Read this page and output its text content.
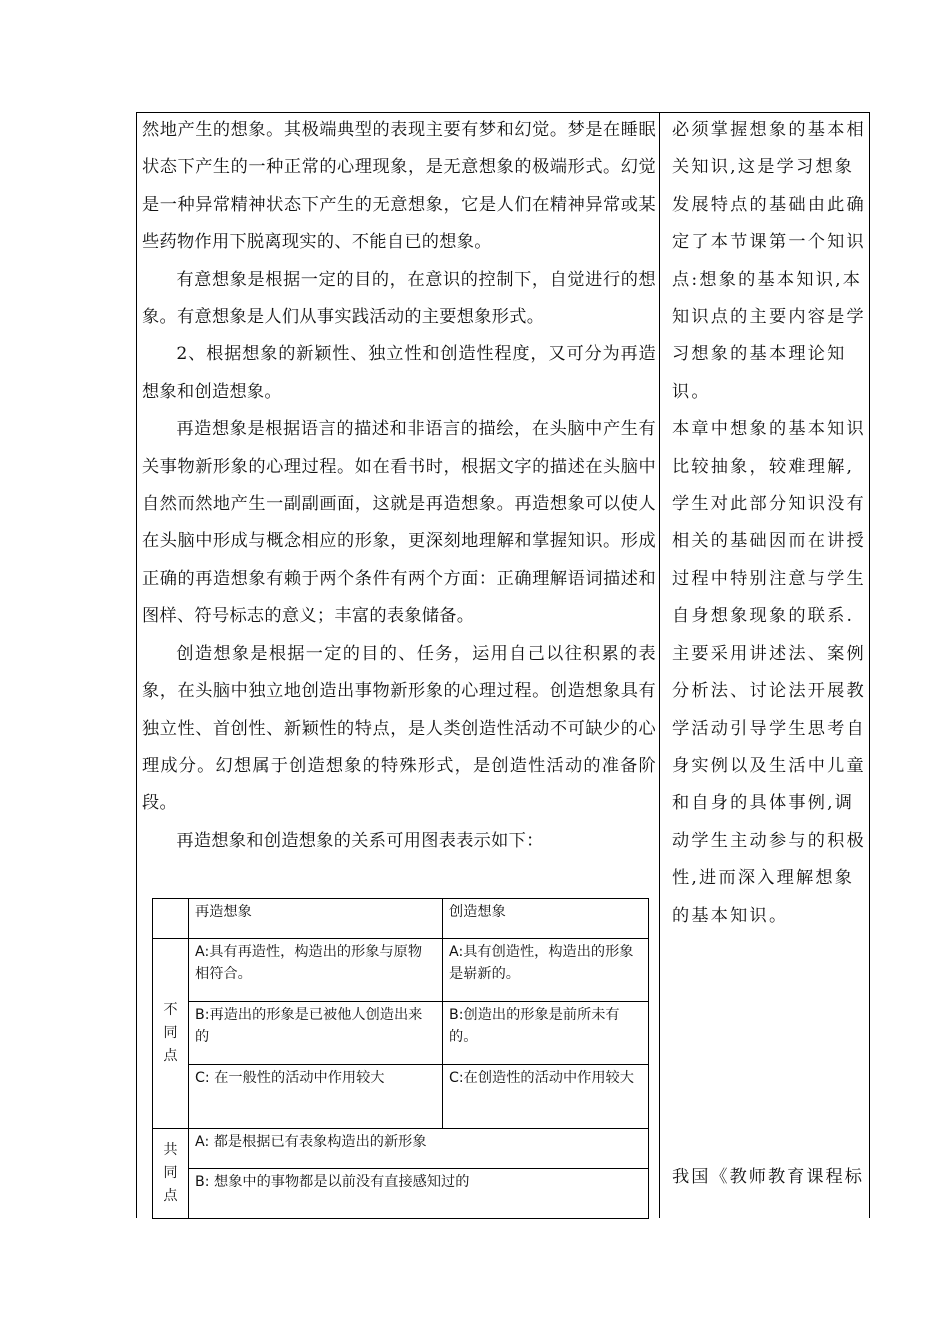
然地产生的想象。其极端典型的表现主要有梦和幻觉。梦是在睡眠状态下产生的一种正常的心理现象，是无意想象的极端形式。幻觉是一种异常精神状态下产生的无意想象，它是人们在精神异常或某些药物作用下脱离现实的、不能自已的想象。

有意想象是根据一定的目的，在意识的控制下，自觉进行的想象。有意想象是人们从事实践活动的主要想象形式。

2、根据想象的新颖性、独立性和创造性程度，又可分为再造想象和创造想象。

再造想象是根据语言的描述和非语言的描绘，在头脑中产生有关事物新形象的心理过程。如在看书时，根据文字的描述在头脑中自然而然地产生一副副画面，这就是再造想象。再造想象可以使人在头脑中形成与概念相应的形象，更深刻地理解和掌握知识。形成正确的再造想象有赖于两个条件有两个方面：正确理解语词描述和图样、符号标志的意义；丰富的表象储备。

创造想象是根据一定的目的、任务，运用自己以往积累的表象，在头脑中独立地创造出事物新形象的心理过程。创造想象具有独立性、首创性、新颖性的特点，是人类创造性活动不可缺少的心理成分。幻想属于创造想象的特殊形式，是创造性活动的准备阶段。

再造想象和创造想象的关系可用图表表示如下：

	再造想象	创造想象

不
同
点	A:具有再造性，构造出的形象与原物相符合。	A:具有创造性，构造出的形象是崭新的。
	B:再造出的形象是已被他人创造出来的	B:创造出的形象是前所未有的。
	C: 在一般性的活动中作用较大	C:在创造性的活动中作用较大

共
同
点	A: 都是根据已有表象构造出的新形象	
	B: 想象中的事物都是以前没有直接感知过的	

必须掌握想象的基本相关知识,这是学习想象发展特点的基础由此确定了本节课第一个知识点:想象的基本知识,本知识点的主要内容是学习想象的基本理论知识。

本章中想象的基本知识比较抽象，较难理解,学生对此部分知识没有相关的基础因而在讲授过程中特别注意与学生自身想象现象的联系.主要采用讲述法、案例分析法、讨论法开展教学活动引导学生思考自身实例以及生活中儿童和自身的具体事例,调动学生主动参与的积极性,进而深入理解想象的基本知识。

我国《教师教育课程标
